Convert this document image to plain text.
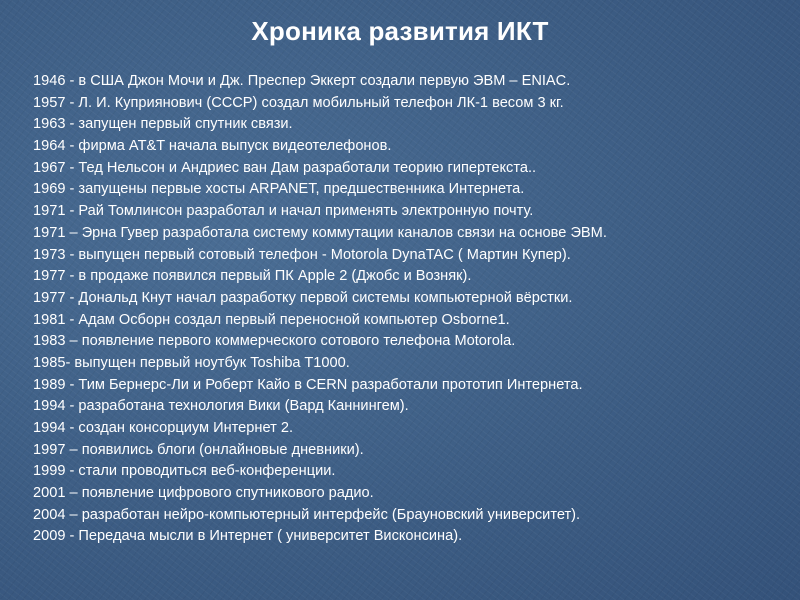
Хроника развития ИКТ
1946 - в США Джон Мочи и Дж. Преспер Эккерт создали первую ЭВМ – ENIAC.
1957 - Л. И. Куприянович (СССР) создал мобильный телефон ЛК-1 весом 3 кг.
1963 - запущен первый спутник связи.
1964 - фирма AT&T начала выпуск видеотелефонов.
1967 - Тед Нельсон и Андриес ван Дам разработали теорию гипертекста..
1969 - запущены первые хосты ARPANET, предшественника Интернета.
1971 - Рай Томлинсон разработал и начал применять электронную почту.
1971 – Эрна Гувер разработала систему коммутации каналов связи на основе ЭВМ.
1973 - выпущен первый сотовый телефон - Motorola DynaTAC ( Мартин Купер).
1977 - в продаже появился первый ПК Apple 2 (Джобс и Возняк).
1977 - Дональд Кнут начал разработку первой системы компьютерной вёрстки.
1981 - Адам Осборн создал первый переносной компьютер Osborne1.
1983 – появление первого коммерческого сотового телефона Motorola.
1985- выпущен первый ноутбук Toshiba T1000.
1989 - Тим Бернерс-Ли и Роберт Кайо в CERN разработали прототип Интернета.
1994 - разработана технология Вики (Вард Каннингем).
1994 - создан консорциум Интернет 2.
1997 – появились блоги (онлайновые дневники).
1999 - стали проводиться веб-конференции.
2001 – появление цифрового спутникового радио.
2004 – разработан нейро-компьютерный интерфейс (Брауновский университет).
2009 - Передача мысли в Интернет ( университет Висконсина).
